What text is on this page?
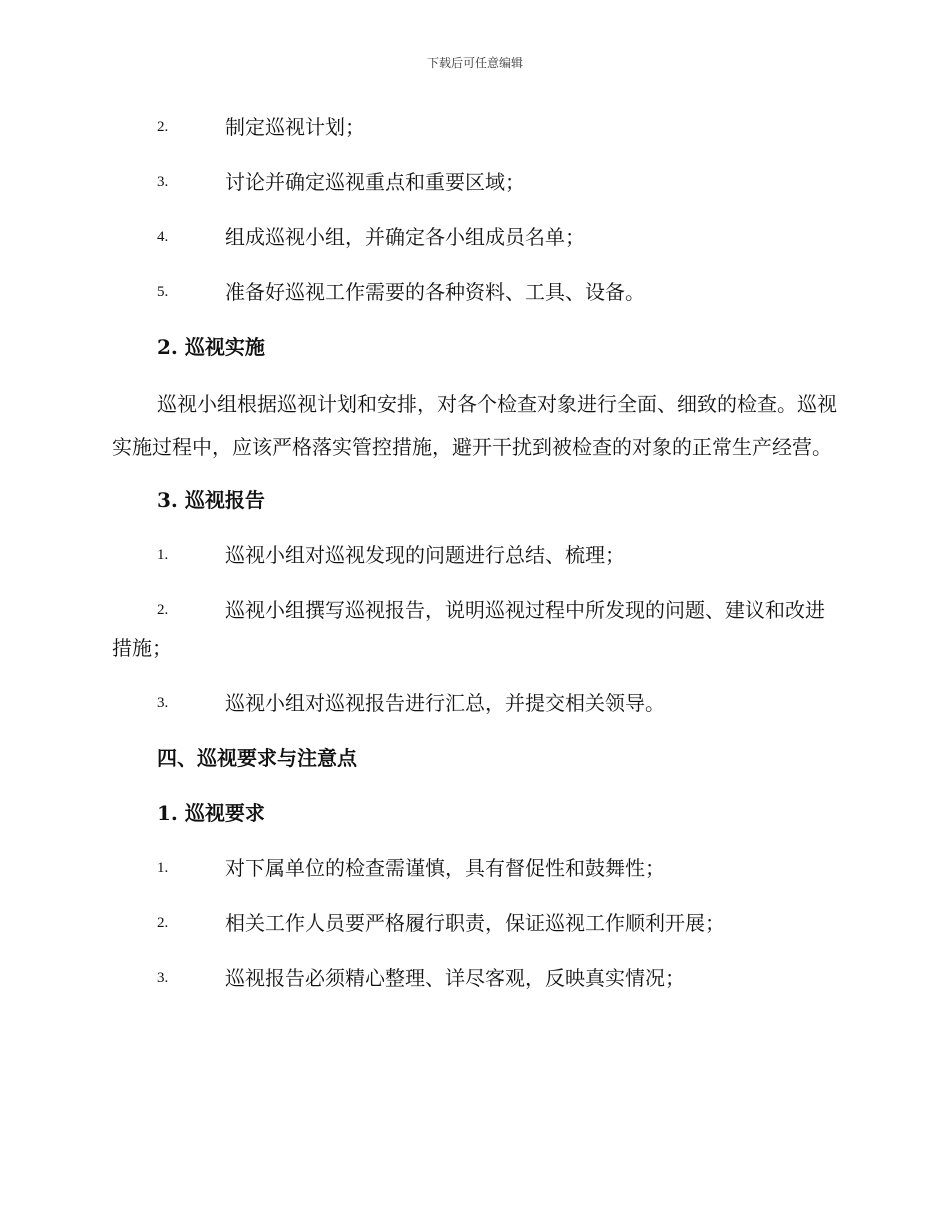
下载后可任意编辑
2.	制定巡视计划；
3.	讨论并确定巡视重点和重要区域；
4.	组成巡视小组，并确定各小组成员名单；
5.	准备好巡视工作需要的各种资料、工具、设备。
2. 巡视实施
巡视小组根据巡视计划和安排，对各个检查对象进行全面、细致的检查。巡视实施过程中，应该严格落实管控措施，避开干扰到被检查的对象的正常生产经营。
3. 巡视报告
1.	巡视小组对巡视发现的问题进行总结、梳理；
2.	巡视小组撰写巡视报告，说明巡视过程中所发现的问题、建议和改进措施；
3.	巡视小组对巡视报告进行汇总，并提交相关领导。
四、巡视要求与注意点
1. 巡视要求
1.	对下属单位的检查需谨慎，具有督促性和鼓舞性；
2.	相关工作人员要严格履行职责，保证巡视工作顺利开展；
3.	巡视报告必须精心整理、详尽客观，反映真实情况；
